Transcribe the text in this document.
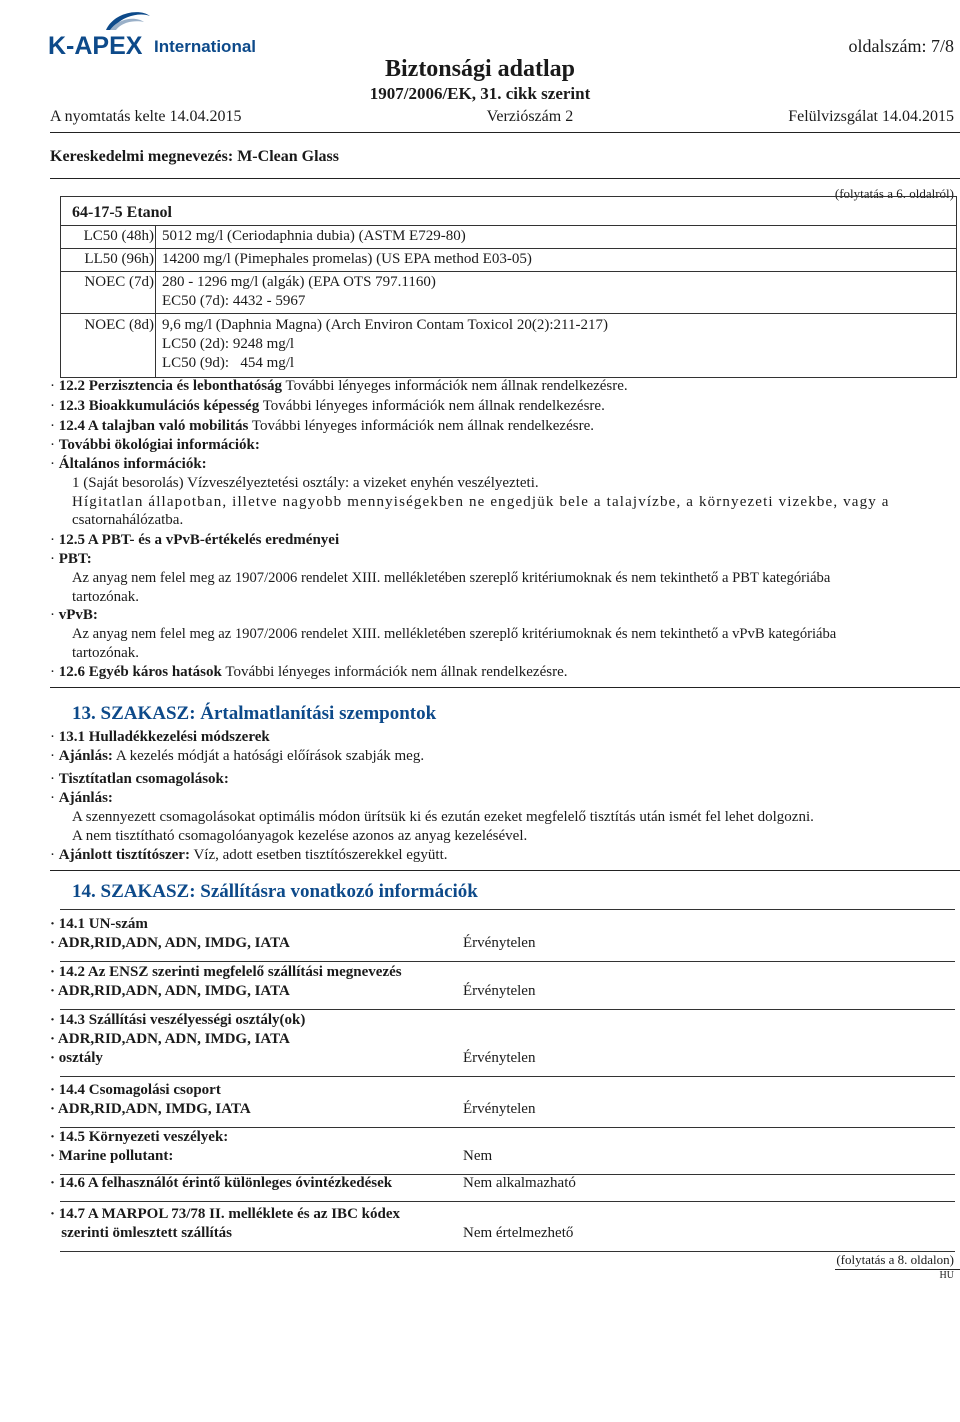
K-APEX International	oldalszám: 7/8
Biztonsági adatlap
1907/2006/EK, 31. cikk szerint
A nyomtatás kelte 14.04.2015	Verziószám 2	Felülvizsgálat 14.04.2015
Kereskedelmi megnevezés: M-Clean Glass
(folytatás a 6. oldalról)
64-17-5 Etanol
LC50 (48h) 5012 mg/l (Ceriodaphnia dubia) (ASTM E729-80)
LL50 (96h) 14200 mg/l (Pimephales promelas) (US EPA method E03-05)
NOEC (7d) 280 - 1296 mg/l (algák) (EPA OTS 797.1160)
EC50 (7d): 4432 - 5967
NOEC (8d) 9,6 mg/l (Daphnia Magna) (Arch Environ Contam Toxicol 20(2):211-217)
LC50 (2d): 9248 mg/l
LC50 (9d):   454 mg/l
· 12.2 Perzisztencia és lebonthatóság További lényeges információk nem állnak rendelkezésre.
· 12.3 Bioakkumulációs képesség További lényeges információk nem állnak rendelkezésre.
· 12.4 A talajban való mobilitás További lényeges információk nem állnak rendelkezésre.
· További ökológiai információk:
· Általános információk:
1 (Saját besorolás) Vízveszélyeztetési osztály: a vizeket enyhén veszélyezteti.
Hígitatlan állapotban, illetve nagyobb mennyiségekben ne engedjük bele a talajvízbe, a környezeti vizekbe, vagy a
csatornahálózatba.
· 12.5 A PBT- és a vPvB-értékelés eredményei
· PBT:
Az anyag nem felel meg az 1907/2006 rendelet XIII. mellékletében szereplő kritériumoknak és nem tekinthető a PBT kategóriába
tartozónak.
· vPvB:
Az anyag nem felel meg az 1907/2006 rendelet XIII. mellékletében szereplő kritériumoknak és nem tekinthető a vPvB kategóriába
tartozónak.
· 12.6 Egyéb káros hatások További lényeges információk nem állnak rendelkezésre.
13. SZAKASZ: Ártalmatlanítási szempontok
· 13.1 Hulladékkezelési módszerek
· Ajánlás: A kezelés módját a hatósági előírások szabják meg.
· Tisztítatlan csomagolások:
· Ajánlás:
A szennyezett csomagolásokat optimális módon ürítsük ki és ezután ezeket megfelelő tisztítás után ismét fel lehet dolgozni.
A nem tisztítható csomagolóanyagok kezelése azonos az anyag kezelésével.
· Ajánlott tisztítószer: Víz, adott esetben tisztítószerekkel együtt.
14. SZAKASZ: Szállításra vonatkozó információk
· 14.1 UN-szám
· ADR,RID,ADN, ADN, IMDG, IATA	Érvénytelen
· 14.2 Az ENSZ szerinti megfelelő szállítási megnevezés
· ADR,RID,ADN, ADN, IMDG, IATA	Érvénytelen
· 14.3 Szállítási veszélyességi osztály(ok)
· ADR,RID,ADN, ADN, IMDG, IATA
· osztály	Érvénytelen
· 14.4 Csomagolási csoport
· ADR,RID,ADN, IMDG, IATA	Érvénytelen
· 14.5 Környezeti veszélyek:
· Marine pollutant:	Nem
· 14.6 A felhasználót érintő különleges óvintézkedések	Nem alkalmazható
· 14.7 A MARPOL 73/78 II. melléklete és az IBC kódex
szerinti ömlesztett szállítás	Nem értelmezhető
(folytatás a 8. oldalon)
HU
